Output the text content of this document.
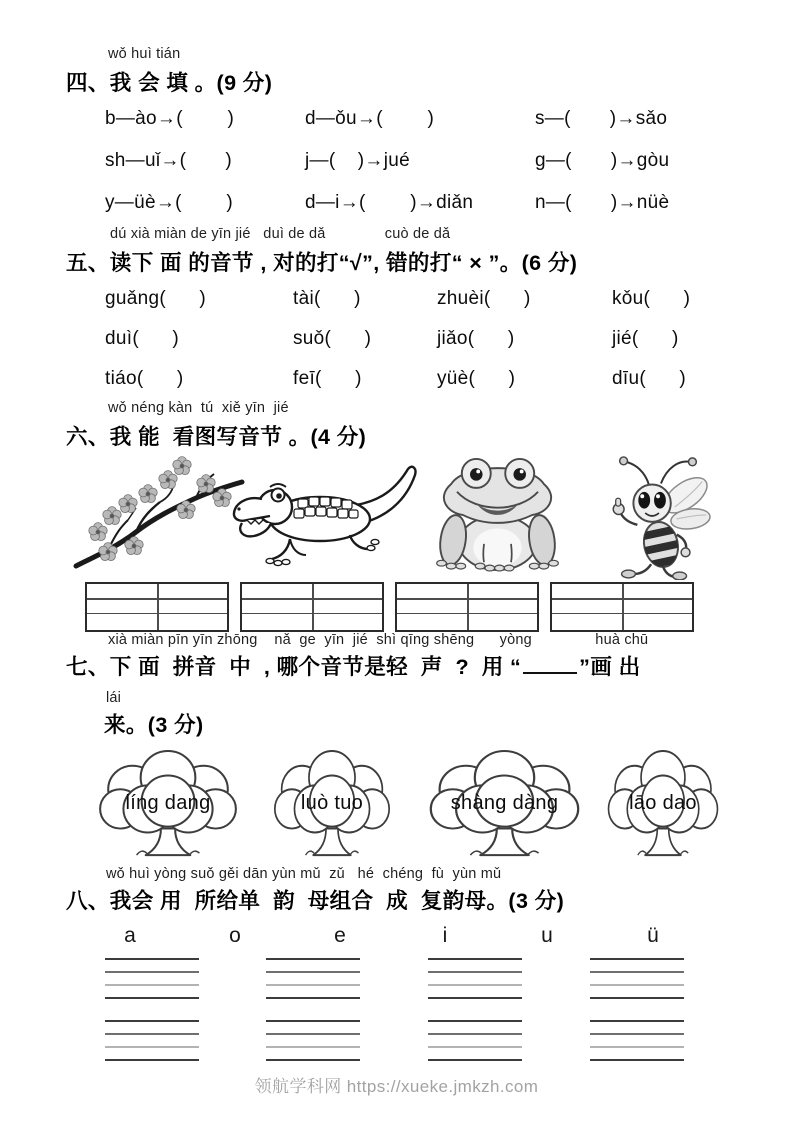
wǒ huì tián
四、我 会 填 。(9 分)
b—ào→(        )	d—ǒu→(        )	s—(       )→sǎo
sh—uǐ→(       )	j—(    )→jué	g—(       )→gòu
y—üè→(        )	d—i→(        )→diǎn	n—(       )→nüè
dú xià miàn de yīn jié   duì de dǎ              cuò de dǎ
五、读下 面 的音节 , 对的打“√”, 错的打“ × ”。(6 分)
guǎng(      )	tài(      )	zhuèi(      )	kǒu(      )
duì(      )	suǒ(      )	jiǎo(      )	jié(      )
tiáo(      )	feī(      )	yüè(      )	dīu(      )
wǒ néng kàn  tú  xiě yīn  jié
六、我 能  看图写音节 。(4 分)
xià miàn pīn yīn zhōng    nǎ  ge  yīn  jié  shì qīng shēng      yòng               huà chū
七、下 面  拼音  中  , 哪个音节是轻  声  ?  用 “	”画 出
lái
来。(3 分)
líng dang	luò tuo	shàng dàng	lāo dao
wǒ huì yòng suǒ gěi dān yùn mǔ  zǔ   hé  chéng  fù  yùn mǔ
八、我会 用  所给单  韵  母组合  成  复韵母。(3 分)
a	o	e	i	u	ü
领航学科网 https://xueke.jmkzh.com
